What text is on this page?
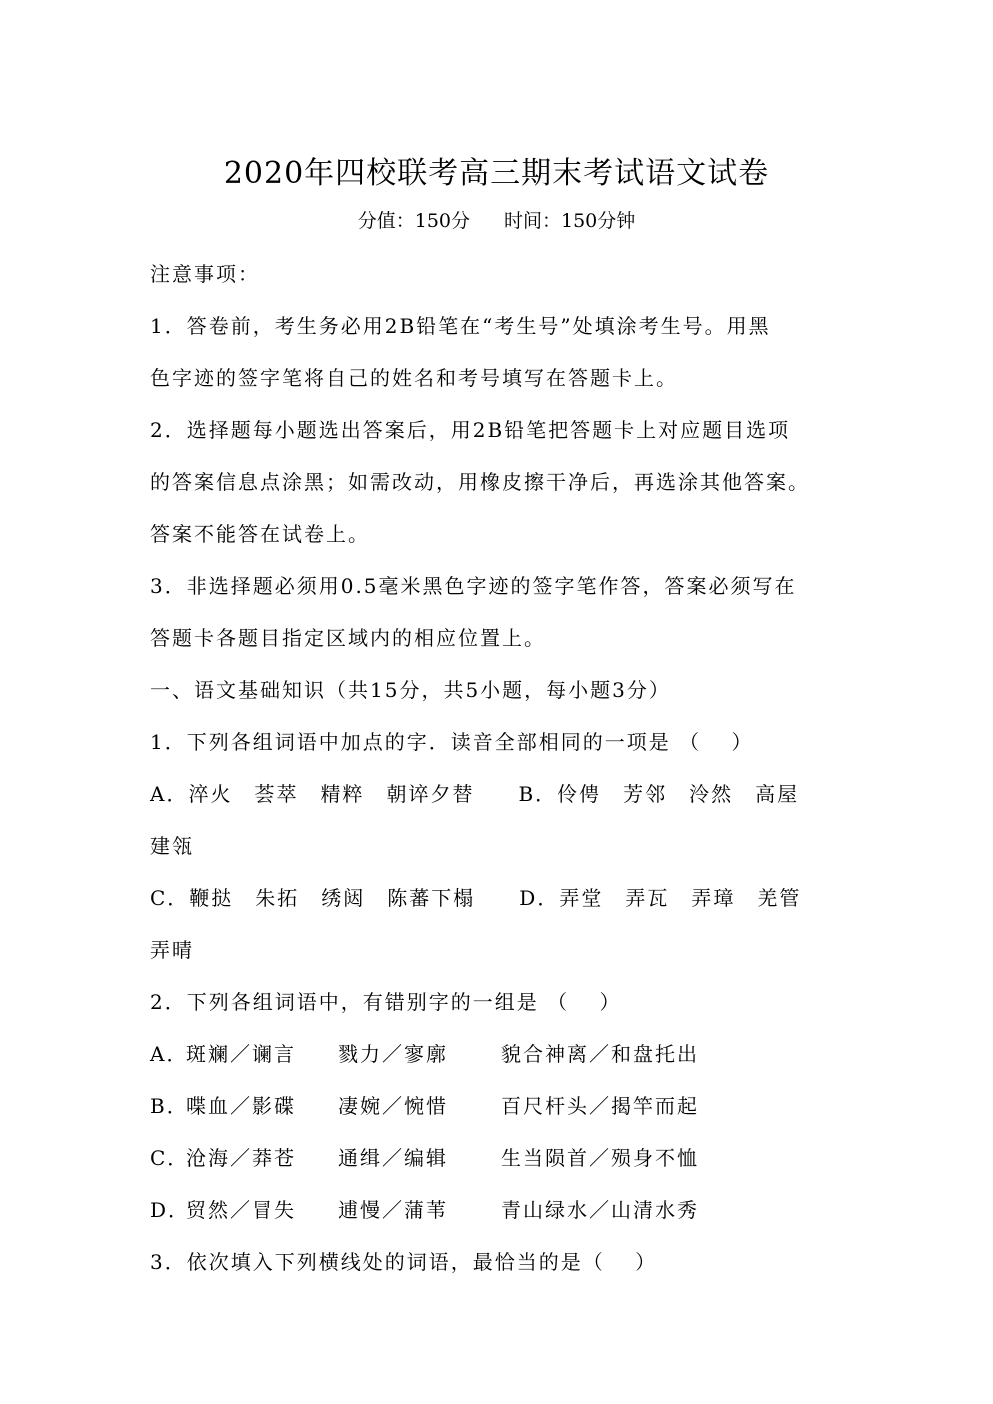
2020年四校联考高三期末考试语文试卷
分值：150分 时间：150分钟
注意事项：
1．答卷前，考生务必用2B铅笔在“考生号”处填涂考生号。用黑
色字迹的签字笔将自己的姓名和考号填写在答题卡上。
2．选择题每小题选出答案后，用2B铅笔把答题卡上对应题目选项
的答案信息点涂黑；如需改动，用橡皮擦干净后，再选涂其他答案。
答案不能答在试卷上。
3．非选择题必须用0.5毫米黑色字迹的签字笔作答，答案必须写在
答题卡各题目指定区域内的相应位置上。
一、语文基础知识（共15分，共5小题，每小题3分）
1．下列各组词语中加点的字．读音全部相同的一项是 （　 ）
A．淬火　荟萃　精粹　朝谇夕替　　B．伶俜　芳邻　泠然　高屋
建瓴
C．鞭挞　朱拓　绣闼　陈蕃下榻　　D．弄堂　弄瓦　弄璋　羌管
弄晴
2．下列各组词语中，有错别字的一组是 （　 ）
A．斑斓／谰言 戮力／寥廓	貌合神离／和盘托出
B．喋血／影碟 凄婉／惋惜	百尺杆头／揭竿而起
C．沧海／莽苍 通缉／编辑	生当陨首／殒身不恤
D．贸然／冒失 逋慢／蒲苇	青山绿水／山清水秀
3．依次填入下列横线处的词语，最恰当的是（　 ）
